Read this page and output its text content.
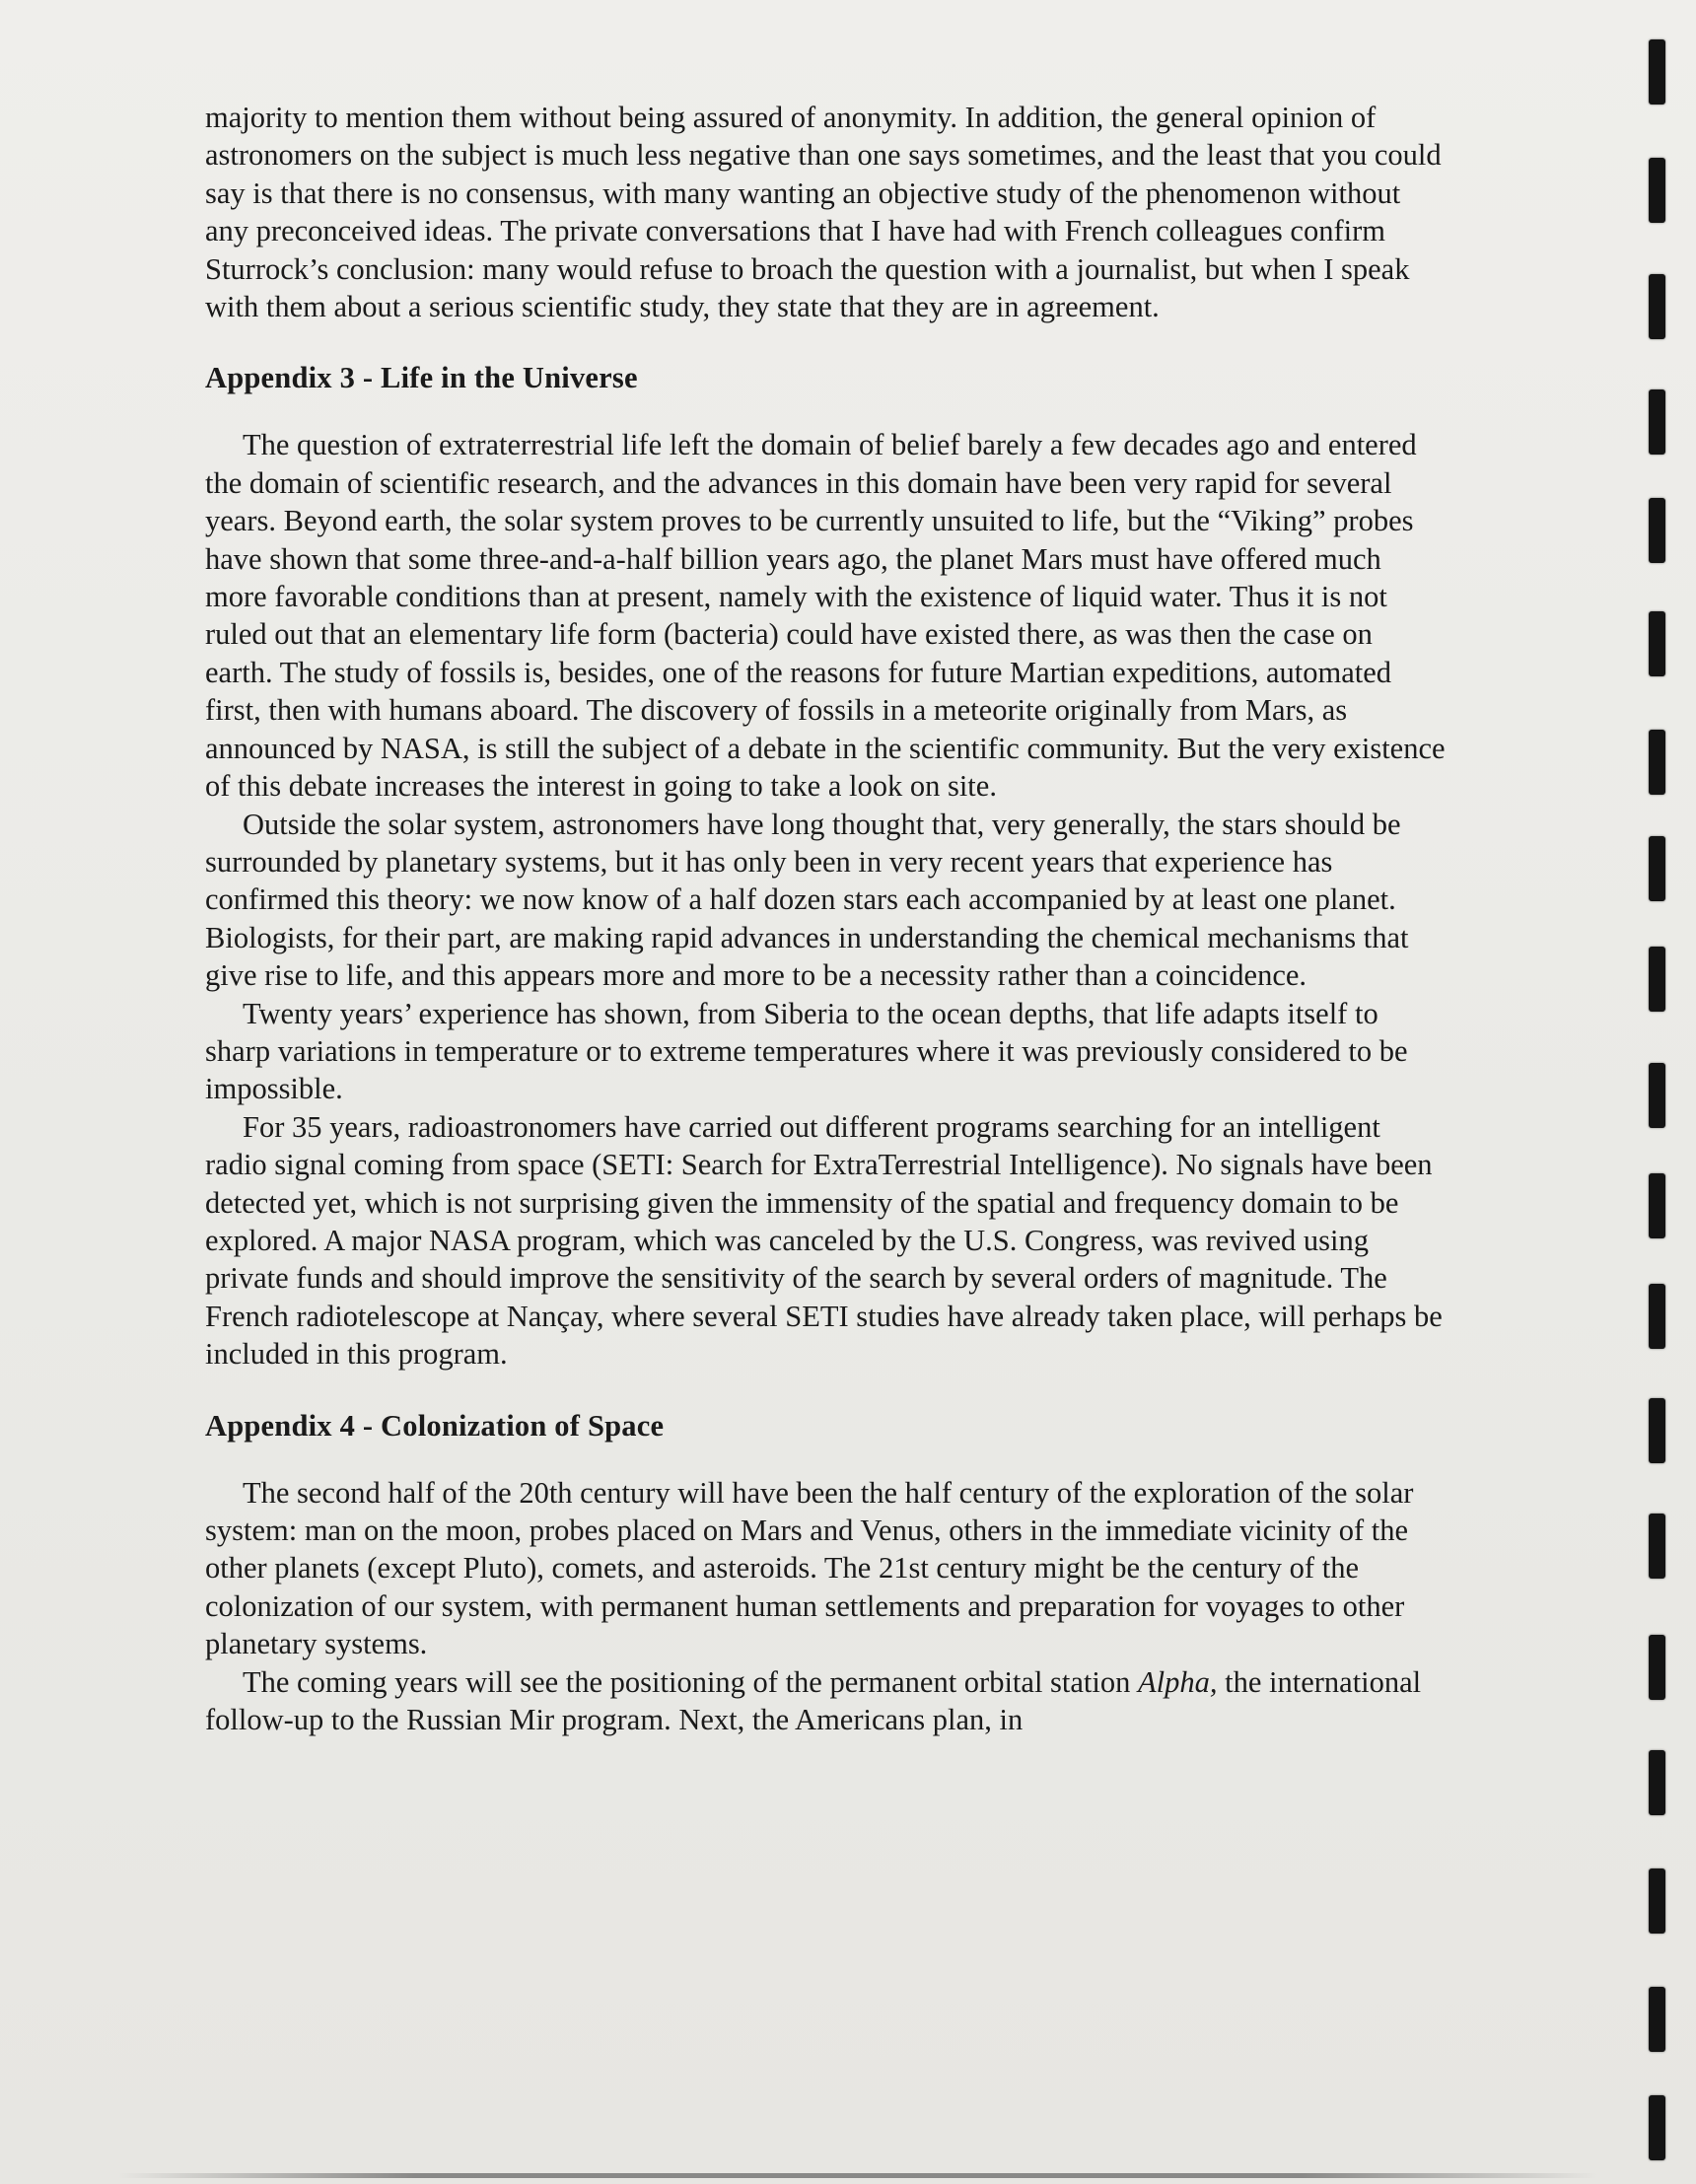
majority to mention them without being assured of anonymity. In addition, the general opinion of astronomers on the subject is much less negative than one says sometimes, and the least that you could say is that there is no consensus, with many wanting an objective study of the phenomenon without any preconceived ideas. The private conversations that I have had with French colleagues confirm Sturrock’s conclusion: many would refuse to broach the question with a journalist, but when I speak with them about a serious scientific study, they state that they are in agreement.

Appendix 3 - Life in the Universe

The question of extraterrestrial life left the domain of belief barely a few decades ago and entered the domain of scientific research, and the advances in this domain have been very rapid for several years. Beyond earth, the solar system proves to be currently unsuited to life, but the “Viking” probes have shown that some three-and-a-half billion years ago, the planet Mars must have offered much more favorable conditions than at present, namely with the existence of liquid water. Thus it is not ruled out that an elementary life form (bacteria) could have existed there, as was then the case on earth. The study of fossils is, besides, one of the reasons for future Martian expeditions, automated first, then with humans aboard. The discovery of fossils in a meteorite originally from Mars, as announced by NASA, is still the subject of a debate in the scientific community. But the very existence of this debate increases the interest in going to take a look on site.

Outside the solar system, astronomers have long thought that, very generally, the stars should be surrounded by planetary systems, but it has only been in very recent years that experience has confirmed this theory: we now know of a half dozen stars each accompanied by at least one planet. Biologists, for their part, are making rapid advances in understanding the chemical mechanisms that give rise to life, and this appears more and more to be a necessity rather than a coincidence.

Twenty years’ experience has shown, from Siberia to the ocean depths, that life adapts itself to sharp variations in temperature or to extreme temperatures where it was previously considered to be impossible.

For 35 years, radioastronomers have carried out different programs searching for an intelligent radio signal coming from space (SETI: Search for ExtraTerrestrial Intelligence). No signals have been detected yet, which is not surprising given the immensity of the spatial and frequency domain to be explored. A major NASA program, which was canceled by the U.S. Congress, was revived using private funds and should improve the sensitivity of the search by several orders of magnitude. The French radiotelescope at Nançay, where several SETI studies have already taken place, will perhaps be included in this program.

Appendix 4 - Colonization of Space

The second half of the 20th century will have been the half century of the exploration of the solar system: man on the moon, probes placed on Mars and Venus, others in the immediate vicinity of the other planets (except Pluto), comets, and asteroids. The 21st century might be the century of the colonization of our system, with permanent human settlements and preparation for voyages to other planetary systems.

The coming years will see the positioning of the permanent orbital station Alpha, the international follow-up to the Russian Mir program. Next, the Americans plan, in
